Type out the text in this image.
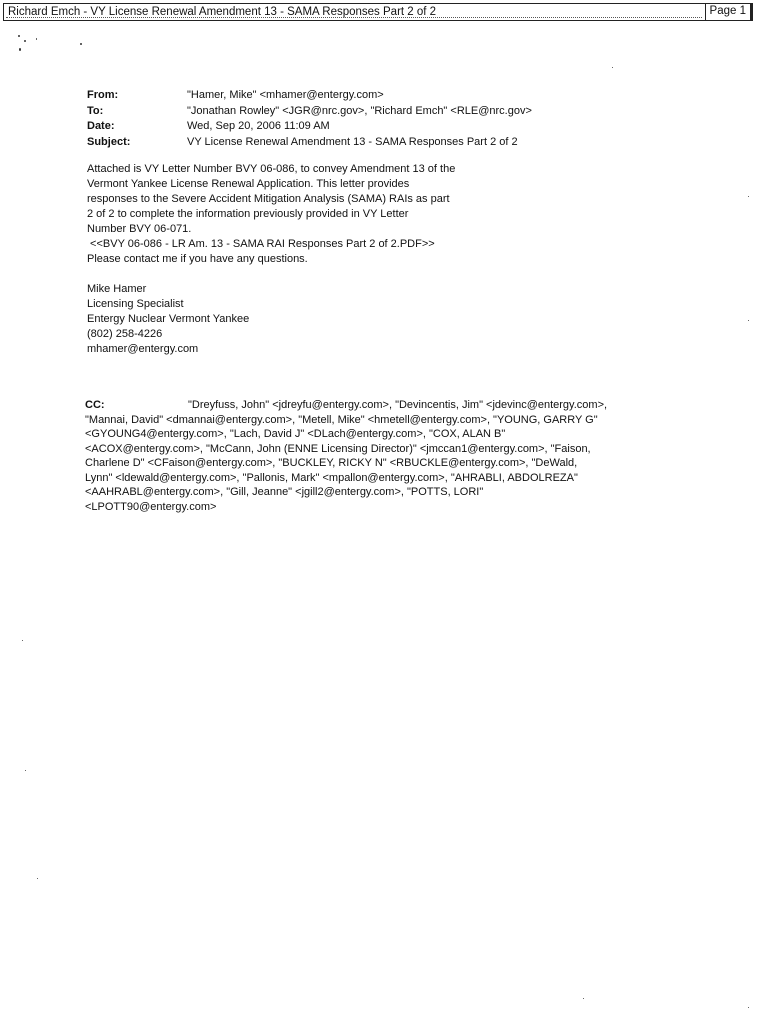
Richard Emch - VY License Renewal Amendment 13 - SAMA Responses Part 2 of 2	Page 1
From:	"Hamer, Mike" <mhamer@entergy.com>
To:	"Jonathan Rowley" <JGR@nrc.gov>, "Richard Emch" <RLE@nrc.gov>
Date:	Wed, Sep 20, 2006 11:09 AM
Subject:	VY License Renewal Amendment 13 - SAMA Responses Part 2 of 2
Attached is VY Letter Number BVY 06-086, to convey Amendment 13 of the
Vermont Yankee License Renewal Application. This letter provides
responses to the Severe Accident Mitigation Analysis (SAMA) RAIs as part
2 of 2 to complete the information previously provided in VY Letter
Number BVY 06-071.
<<BVY 06-086 - LR Am. 13 - SAMA RAI Responses Part 2 of 2.PDF>>
Please contact me if you have any questions.
Mike Hamer
Licensing Specialist
Entergy Nuclear Vermont Yankee
(802) 258-4226
mhamer@entergy.com
CC:	"Dreyfuss, John" <jdreyfu@entergy.com>, "Devincentis, Jim" <jdevinc@entergy.com>,
"Mannai, David" <dmannai@entergy.com>, "Metell, Mike" <hmetell@entergy.com>, "YOUNG, GARRY G"
<GYOUNG4@entergy.com>, "Lach, David J" <DLach@entergy.com>, "COX, ALAN B"
<ACOX@entergy.com>, "McCann, John (ENNE Licensing Director)" <jmccan1@entergy.com>, "Faison,
Charlene D" <CFaison@entergy.com>, "BUCKLEY, RICKY N" <RBUCKLE@entergy.com>, "DeWald,
Lynn" <ldewald@entergy.com>, "Pallonis, Mark" <mpallon@entergy.com>, "AHRABLI, ABDOLREZA"
<AAHRABL@entergy.com>, "Gill, Jeanne" <jgill2@entergy.com>, "POTTS, LORI"
<LPOTT90@entergy.com>
